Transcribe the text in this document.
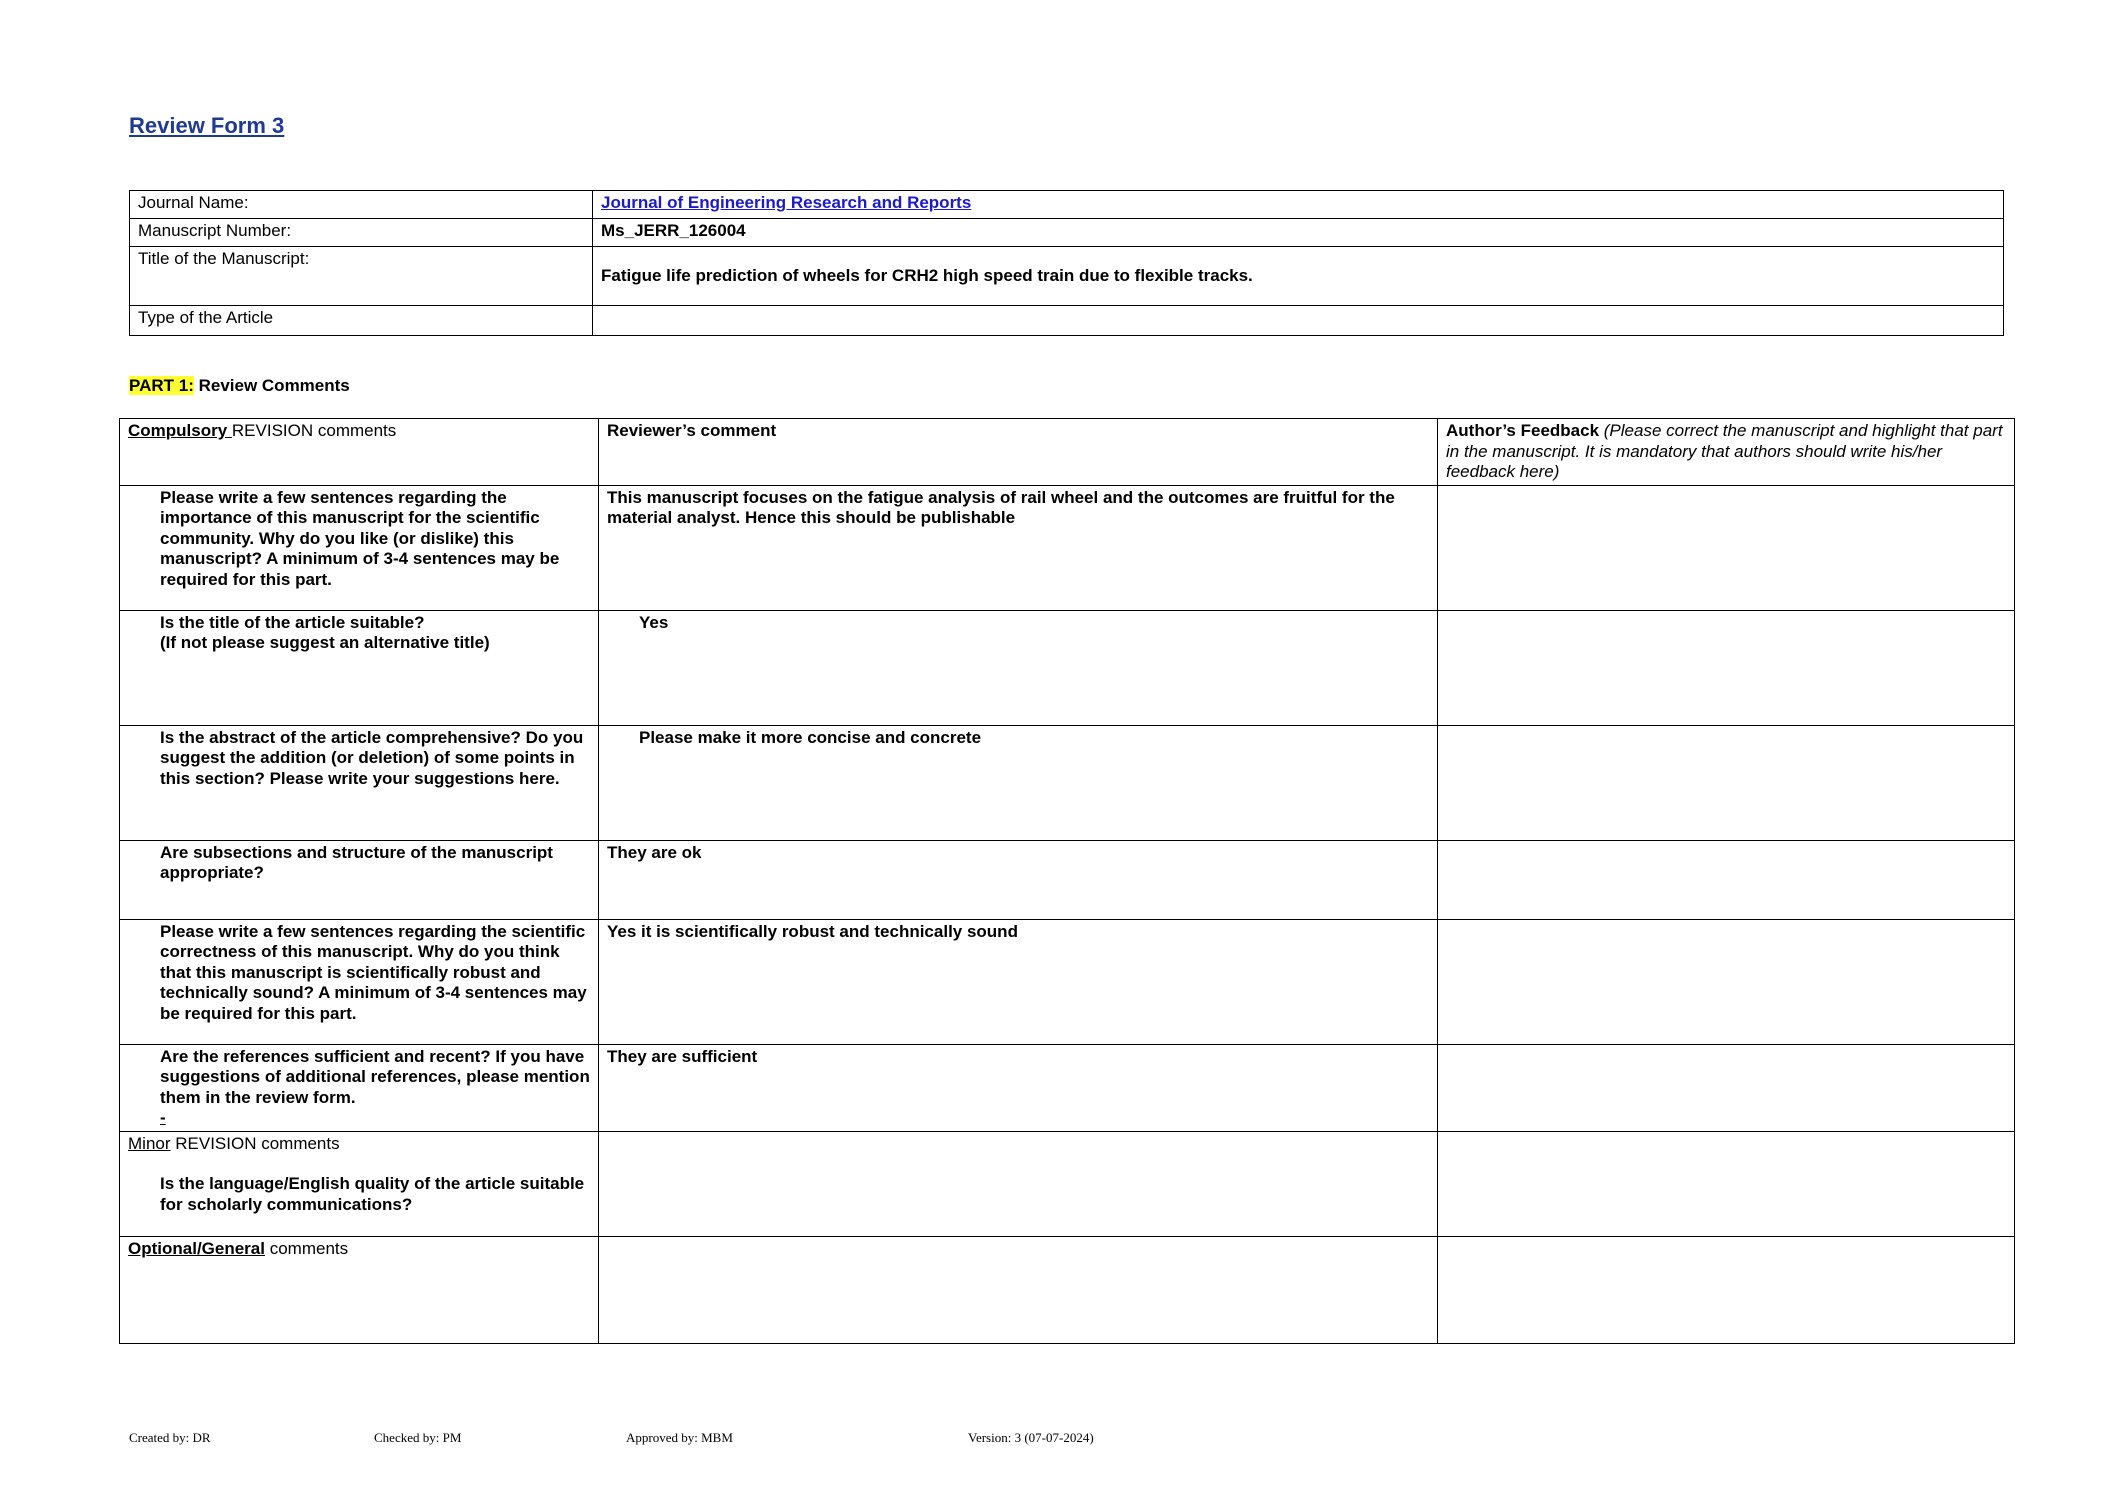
Review Form 3
Journal Name:	Journal of Engineering Research and Reports
Manuscript Number:	Ms_JERR_126004
Title of the Manuscript:	Fatigue life prediction of wheels for CRH2 high speed train due to flexible tracks.
Type of the Article	

PART 1: Review Comments

Compulsory REVISION comments	Reviewer’s comment	Author’s Feedback (Please correct the manuscript and highlight that part in the manuscript. It is mandatory that authors should write his/her feedback here)
Please write a few sentences regarding the importance of this manuscript for the scientific community. Why do you like (or dislike) this manuscript? A minimum of 3-4 sentences may be required for this part.	This manuscript focuses on the fatigue analysis of rail wheel and the outcomes are fruitful for the material analyst. Hence this should be publishable	

Is the title of the article suitable?
(If not please suggest an alternative title)	Yes	
Is the abstract of the article comprehensive? Do you suggest the addition (or deletion) of some points in this section? Please write your suggestions here.	Please make it more concise and concrete	
Are subsections and structure of the manuscript appropriate?	They are ok	
Please write a few sentences regarding the scientific correctness of this manuscript. Why do you think that this manuscript is scientifically robust and technically sound? A minimum of 3-4 sentences may be required for this part.	Yes it is scientifically robust and technically sound	

Are the references sufficient and recent? If you have suggestions of additional references, please mention them in the review form.
-	They are sufficient	

Minor REVISION comments
Is the language/English quality of the article suitable for scholarly communications?		

Optional/General comments		
Created by: DR	Checked by: PM	Approved by: MBM	Version: 3 (07-07-2024)
